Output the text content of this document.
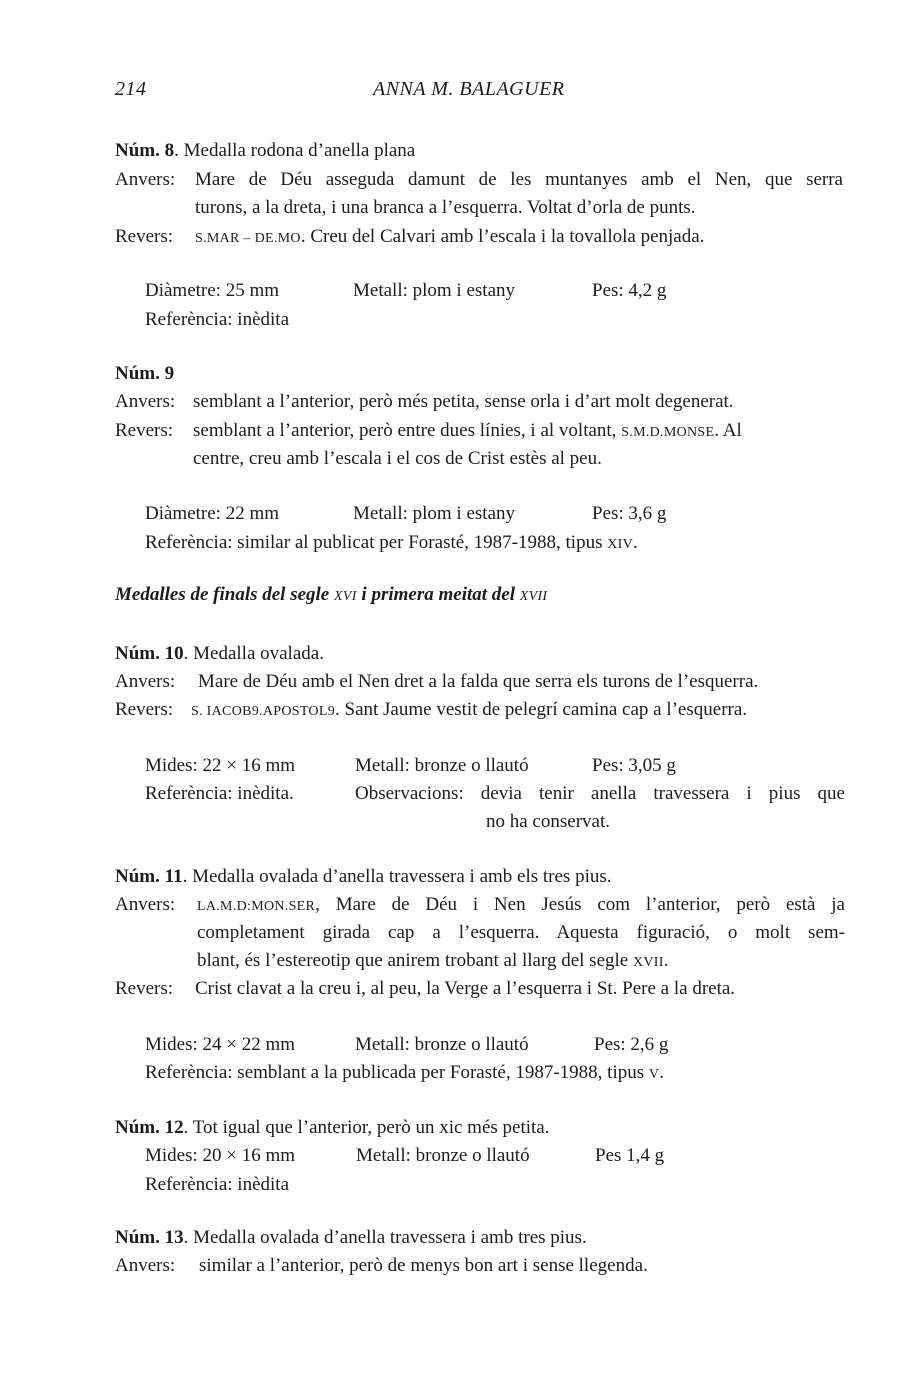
214	ANNA M. BALAGUER
Núm. 8. Medalla rodona d’anella plana
Anvers: Mare de Déu asseguda damunt de les muntanyes amb el Nen, que serra
turons, a la dreta, i una branca a l’esquerra. Voltat d’orla de punts.
Revers: S.MAR – DE.MO. Creu del Calvari amb l’escala i la tovallola penjada.
Diàmetre: 25 mm	Metall: plom i estany	Pes: 4,2 g
Referència: inèdita
Núm. 9
Anvers: semblant a l’anterior, però més petita, sense orla i d’art molt degenerat.
Revers: semblant a l’anterior, però entre dues línies, i al voltant, S.M.D.MONSE. Al
centre, creu amb l’escala i el cos de Crist estès al peu.
Diàmetre: 22 mm	Metall: plom i estany	Pes: 3,6 g
Referència: similar al publicat per Forasté, 1987-1988, tipus XIV.
Medalles de finals del segle XVI i primera meitat del XVII
Núm. 10. Medalla ovalada.
Anvers: Mare de Déu amb el Nen dret a la falda que serra els turons de l’esquerra.
Revers: S. IACOB9.APOSTOL9. Sant Jaume vestit de pelegrí camina cap a l’esquerra.
Mides: 22 × 16 mm	Metall: bronze o llautó	Pes: 3,05 g
Referència: inèdita.	Observacions: devia tenir anella travessera i pius que
no ha conservat.
Núm. 11. Medalla ovalada d’anella travessera i amb els tres pius.
Anvers: LA.M.D:MON.SER, Mare de Déu i Nen Jesús com l’anterior, però està ja
completament girada cap a l’esquerra. Aquesta figuració, o molt sem-
blant, és l’estereotip que anirem trobant al llarg del segle XVII.
Revers: Crist clavat a la creu i, al peu, la Verge a l’esquerra i St. Pere a la dreta.
Mides: 24 × 22 mm	Metall: bronze o llautó	Pes: 2,6 g
Referència: semblant a la publicada per Forasté, 1987-1988, tipus V.
Núm. 12. Tot igual que l’anterior, però un xic més petita.
Mides: 20 × 16 mm	Metall: bronze o llautó	Pes 1,4 g
Referència: inèdita
Núm. 13. Medalla ovalada d’anella travessera i amb tres pius.
Anvers: similar a l’anterior, però de menys bon art i sense llegenda.
